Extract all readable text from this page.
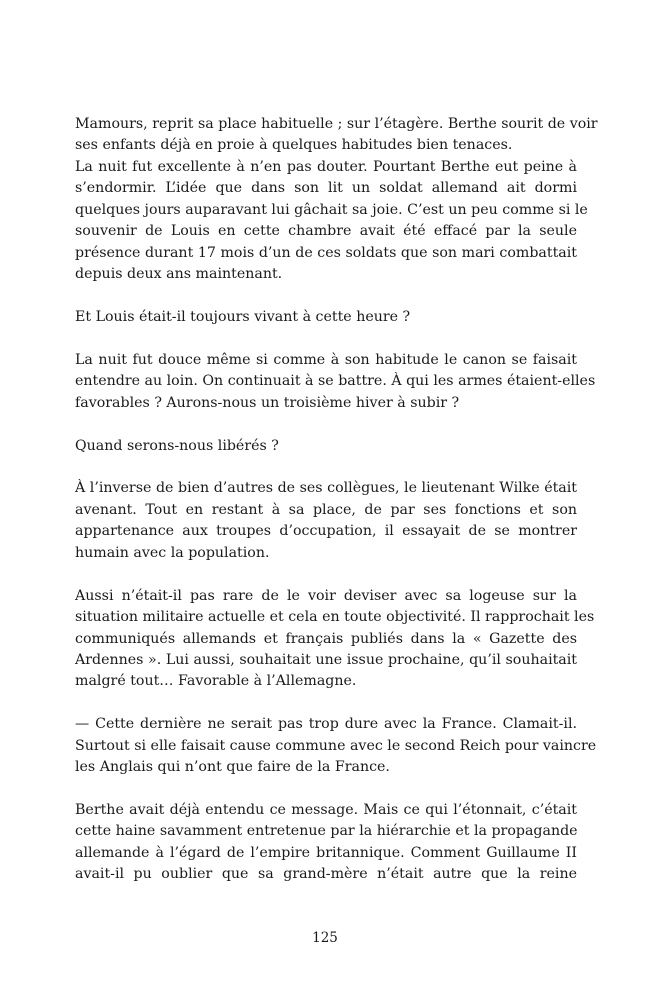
Mamours, reprit sa place habituelle ; sur l’étagère. Berthe sourit de voir
ses enfants déjà en proie à quelques habitudes bien tenaces.
La nuit fut excellente à n’en pas douter. Pourtant Berthe eut peine à
s’endormir. L’idée que dans son lit un soldat allemand ait dormi
quelques jours auparavant lui gâchait sa joie. C’est un peu comme si le
souvenir de Louis en cette chambre avait été effacé par la seule
présence durant 17 mois d’un de ces soldats que son mari combattait
depuis deux ans maintenant.
Et Louis était-il toujours vivant à cette heure ?
La nuit fut douce même si comme à son habitude le canon se faisait
entendre au loin. On continuait à se battre. À qui les armes étaient-elles
favorables ? Aurons-nous un troisième hiver à subir ?
Quand serons-nous libérés ?
À l’inverse de bien d’autres de ses collègues, le lieutenant Wilke était
avenant. Tout en restant à sa place, de par ses fonctions et son
appartenance aux troupes d’occupation, il essayait de se montrer
humain avec la population.
Aussi n’était-il pas rare de le voir deviser avec sa logeuse sur la
situation militaire actuelle et cela en toute objectivité. Il rapprochait les
communiqués allemands et français publiés dans la « Gazette des
Ardennes ». Lui aussi, souhaitait une issue prochaine, qu’il souhaitait
malgré tout… Favorable à l’Allemagne.
— Cette dernière ne serait pas trop dure avec la France. Clamait-il.
Surtout si elle faisait cause commune avec le second Reich pour vaincre
les Anglais qui n’ont que faire de la France.
Berthe avait déjà entendu ce message. Mais ce qui l’étonnait, c’était
cette haine savamment entretenue par la hiérarchie et la propagande
allemande à l’égard de l’empire britannique. Comment Guillaume II
avait-il pu oublier que sa grand-mère n’était autre que la reine
125
